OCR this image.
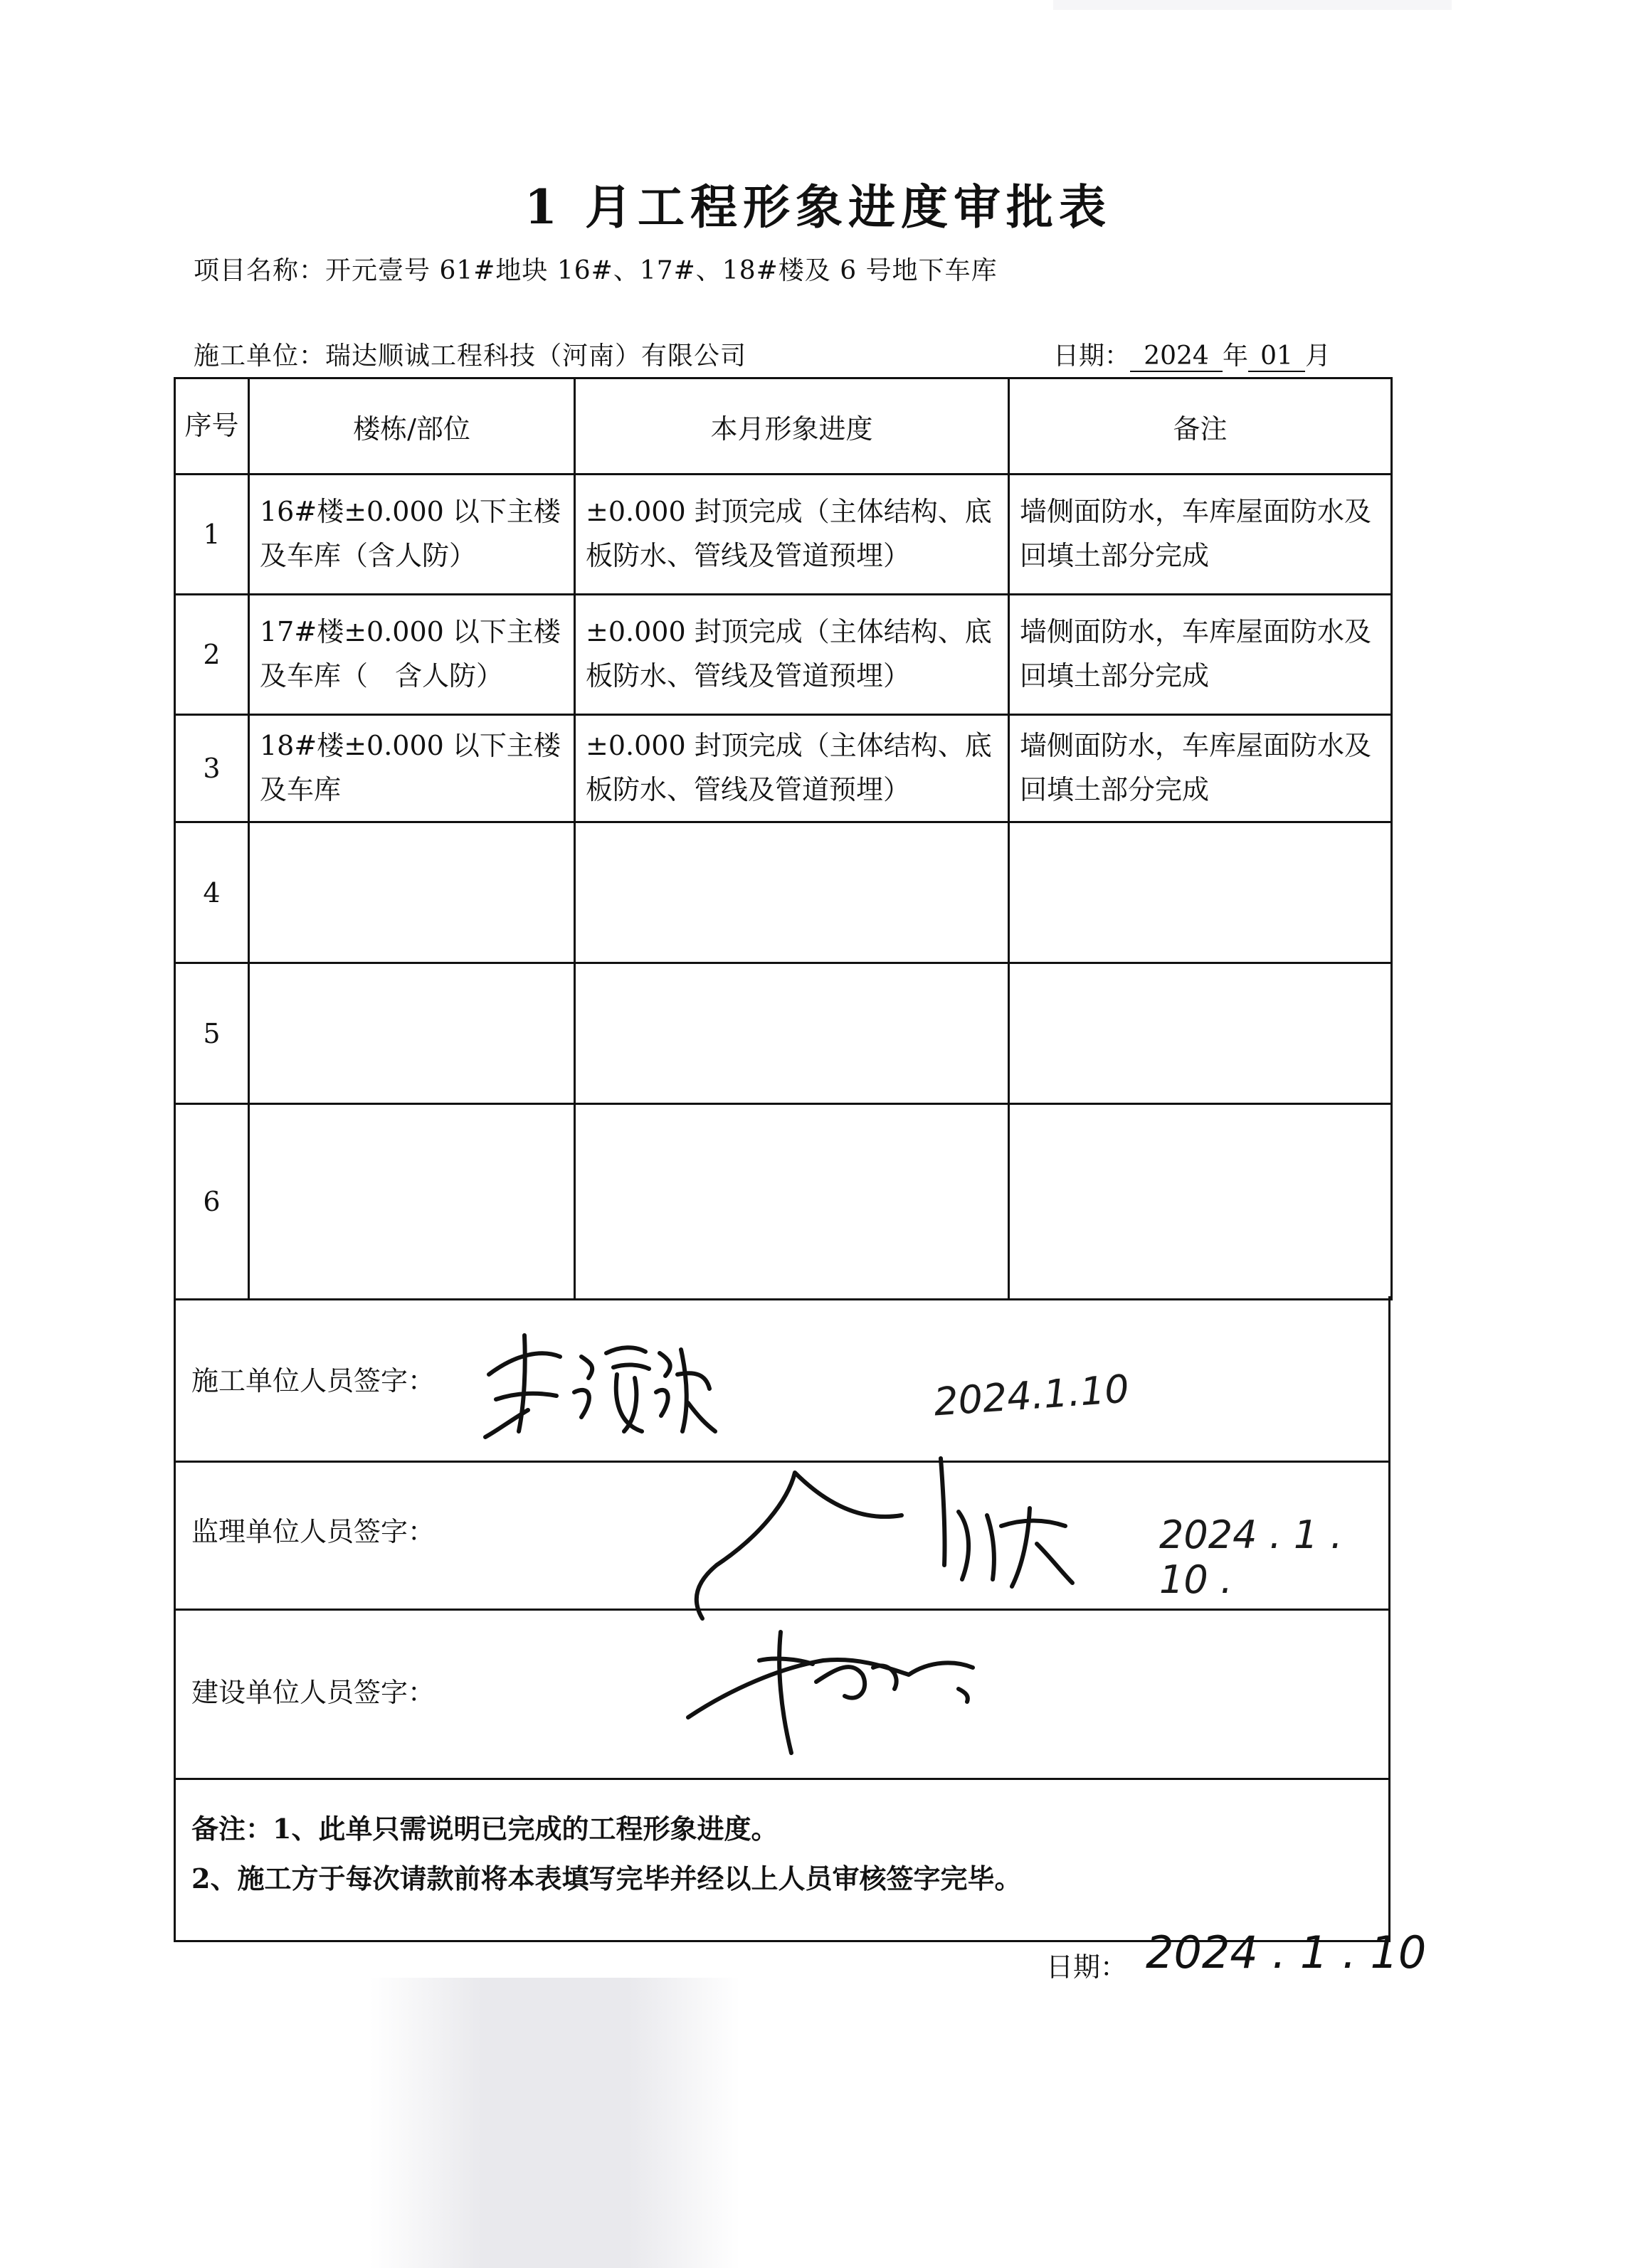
1 月工程形象进度审批表
项目名称：开元壹号 61#地块 16#、17#、18#楼及 6 号地下车库
施工单位：瑞达顺诚工程科技（河南）有限公司	日期： 2024 年 01 月
序号	楼栋/部位	本月形象进度	备注
1	16#楼±0.000 以下主楼及车库（含人防）	±0.000 封顶完成（主体结构、底板防水、管线及管道预埋）	墙侧面防水，车库屋面防水及回填土部分完成
2	17#楼±0.000 以下主楼及车库（　含人防）	±0.000 封顶完成（主体结构、底板防水、管线及管道预埋）	墙侧面防水，车库屋面防水及回填土部分完成
3	18#楼±0.000 以下主楼及车库	±0.000 封顶完成（主体结构、底板防水、管线及管道预埋）	墙侧面防水，车库屋面防水及回填土部分完成
4			
5			
6			
施工单位人员签字：	2024.1.10
监理单位人员签字：	2024 . 1 . 10 .
建设单位人员签字：
备注：1、此单只需说明已完成的工程形象进度。
2、施工方于每次请款前将本表填写完毕并经以上人员审核签字完毕。
日期： 2024 . 1 . 10
